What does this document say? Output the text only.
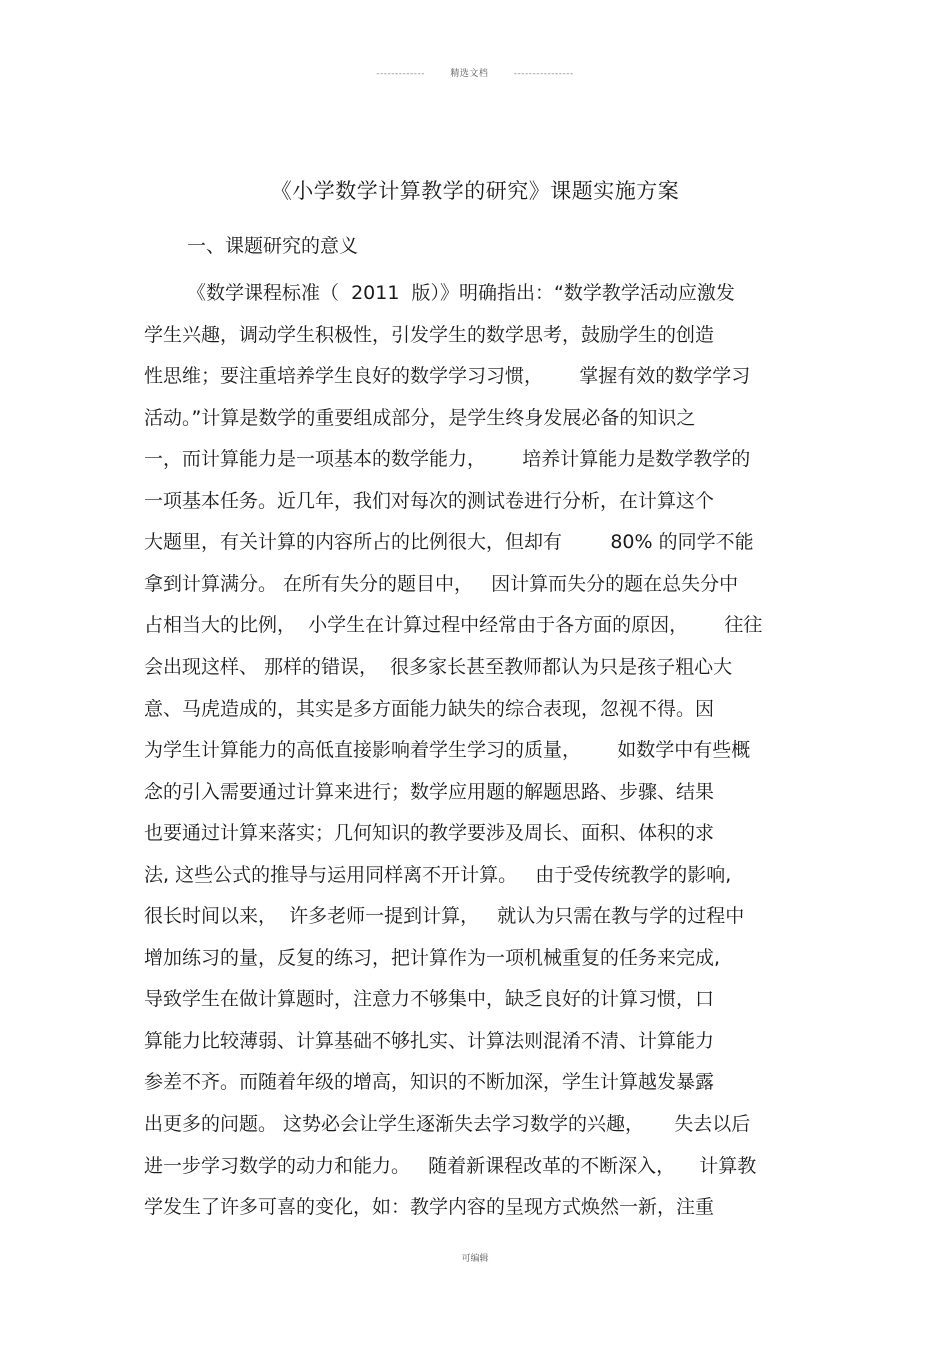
-------------	精选文档	----------------
《小学数学计算教学的研究》课题实施方案
一、课题研究的意义
《数学课程标准（  2011  版）》明确指出：“数学教学活动应激发
学生兴趣，调动学生积极性，引发学生的数学思考，鼓励学生的创造
性思维；要注重培养学生良好的数学学习习惯，      掌握有效的数学学习
活动。”计算是数学的重要组成部分，是学生终身发展必备的知识之
一，而计算能力是一项基本的数学能力，      培养计算能力是数学教学的
一项基本任务。近几年，我们对每次的测试卷进行分析，在计算这个
大题里，有关计算的内容所占的比例很大，但却有        80% 的同学不能
拿到计算满分。 在所有失分的题目中，   因计算而失分的题在总失分中
占相当大的比例，  小学生在计算过程中经常由于各方面的原因，      往往
会出现这样、 那样的错误，  很多家长甚至教师都认为只是孩子粗心大
意、马虎造成的，其实是多方面能力缺失的综合表现，忽视不得。因
为学生计算能力的高低直接影响着学生学习的质量，      如数学中有些概
念的引入需要通过计算来进行；数学应用题的解题思路、步骤、结果
也要通过计算来落实；几何知识的教学要涉及周长、面积、体积的求
法, 这些公式的推导与运用同样离不开计算。   由于受传统教学的影响,
很长时间以来，  许多老师一提到计算，   就认为只需在教与学的过程中
增加练习的量，反复的练习，把计算作为一项机械重复的任务来完成,
导致学生在做计算题时，注意力不够集中，缺乏良好的计算习惯，口
算能力比较薄弱、计算基础不够扎实、计算法则混淆不清、计算能力
参差不齐。而随着年级的增高，知识的不断加深，学生计算越发暴露
出更多的问题。 这势必会让学生逐渐失去学习数学的兴趣，     失去以后
进一步学习数学的动力和能力。   随着新课程改革的不断深入，    计算教
学发生了许多可喜的变化，如：教学内容的呈现方式焕然一新，注重
可编辑
